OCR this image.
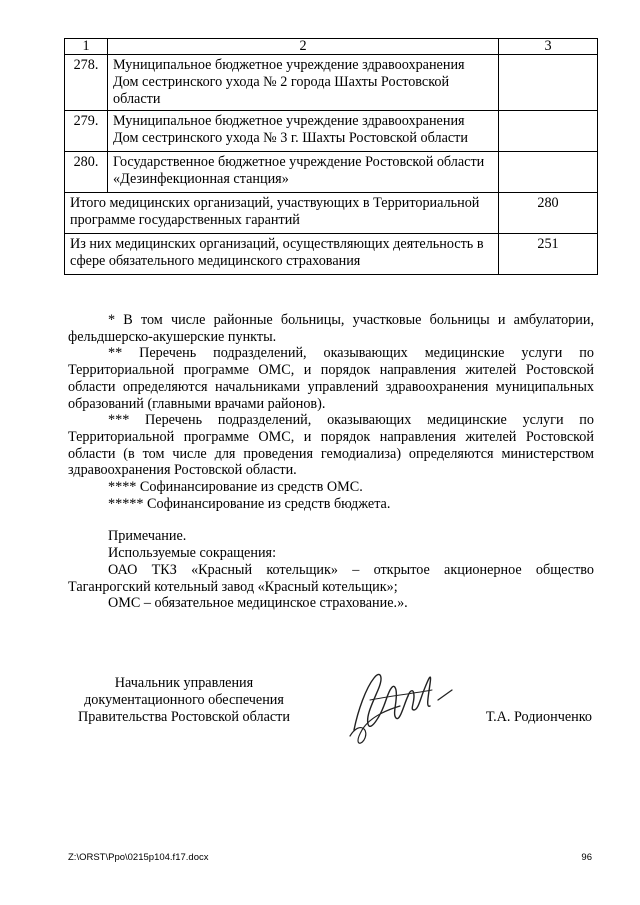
1	2	3
278.	Муниципальное бюджетное учреждение здравоохранения Дом сестринского ухода № 2 города Шахты Ростовской области	
279.	Муниципальное бюджетное учреждение здравоохранения Дом сестринского ухода № 3 г. Шахты Ростовской области	
280.	Государственное бюджетное учреждение Ростовской области «Дезинфекционная станция»	
Итого медицинских организаций, участвующих в Территориальной программе государственных гарантий		280
Из них медицинских организаций, осуществляющих деятельность в сфере обязательного медицинского страхования		251

* В том числе районные больницы, участковые больницы и амбулатории, фельдшерско-акушерские пункты.

** Перечень подразделений, оказывающих медицинские услуги по Территориальной программе ОМС, и порядок направления жителей Ростовской области определяются начальниками управлений здравоохранения муниципальных образований (главными врачами районов).

*** Перечень подразделений, оказывающих медицинские услуги по Территориальной программе ОМС, и порядок направления жителей Ростовской области (в том числе для проведения гемодиализа) определяются министерством здравоохранения Ростовской области.

**** Софинансирование из средств ОМС.

***** Софинансирование из средств бюджета.

Примечание.

Используемые сокращения:

ОАО ТКЗ «Красный котельщик» – открытое акционерное общество Таганрогский котельный завод «Красный котельщик»;

ОМС – обязательное медицинское страхование.».

Начальник управления
документационного обеспечения
Правительства Ростовской области	Т.А. Родионченко
Z:\ORST\Ppo\0215p104.f17.docx	96
